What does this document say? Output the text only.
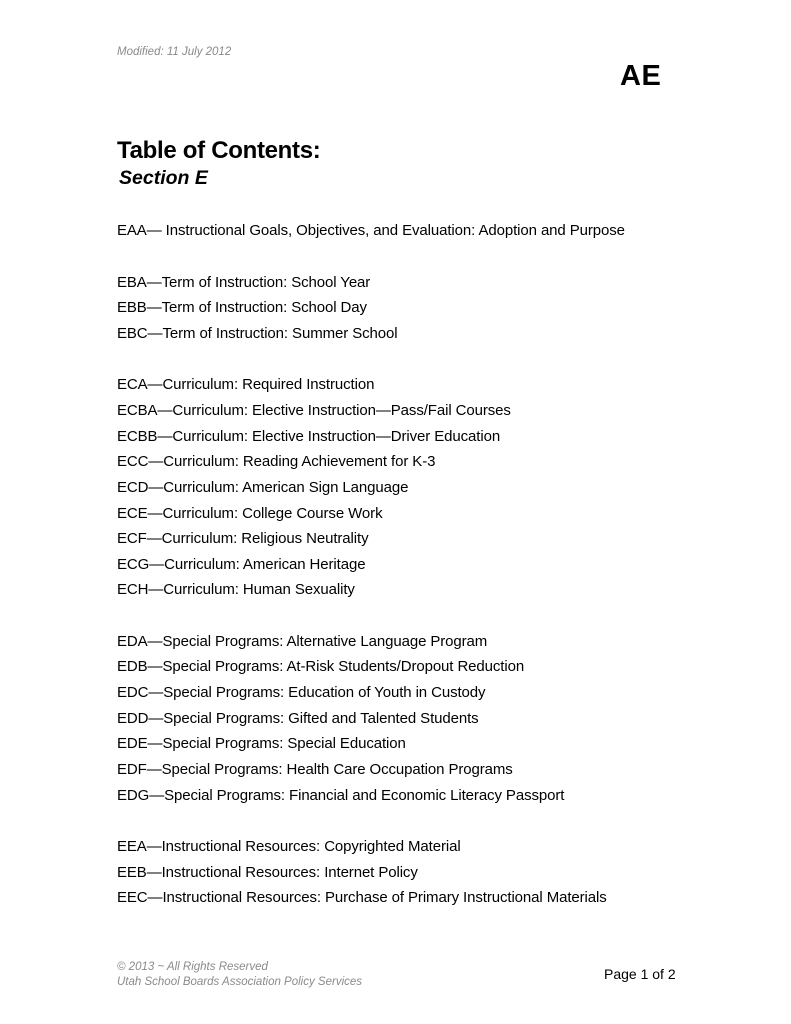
Modified: 11 July 2012
AE
Table of Contents:
Section E
EAA— Instructional Goals, Objectives, and Evaluation: Adoption and Purpose
EBA—Term of Instruction: School Year
EBB—Term of Instruction: School Day
EBC—Term of Instruction: Summer School
ECA—Curriculum: Required Instruction
ECBA—Curriculum: Elective Instruction—Pass/Fail Courses
ECBB—Curriculum: Elective Instruction—Driver Education
ECC—Curriculum: Reading Achievement for K-3
ECD—Curriculum: American Sign Language
ECE—Curriculum: College Course Work
ECF—Curriculum: Religious Neutrality
ECG—Curriculum: American Heritage
ECH—Curriculum: Human Sexuality
EDA—Special Programs: Alternative Language Program
EDB—Special Programs: At-Risk Students/Dropout Reduction
EDC—Special Programs: Education of Youth in Custody
EDD—Special Programs: Gifted and Talented Students
EDE—Special Programs: Special Education
EDF—Special Programs: Health Care Occupation Programs
EDG—Special Programs: Financial and Economic Literacy Passport
EEA—Instructional Resources: Copyrighted Material
EEB—Instructional Resources: Internet Policy
EEC—Instructional Resources: Purchase of Primary Instructional Materials
© 2013 ~ All Rights Reserved
Utah School Boards Association Policy Services	Page 1 of 2
